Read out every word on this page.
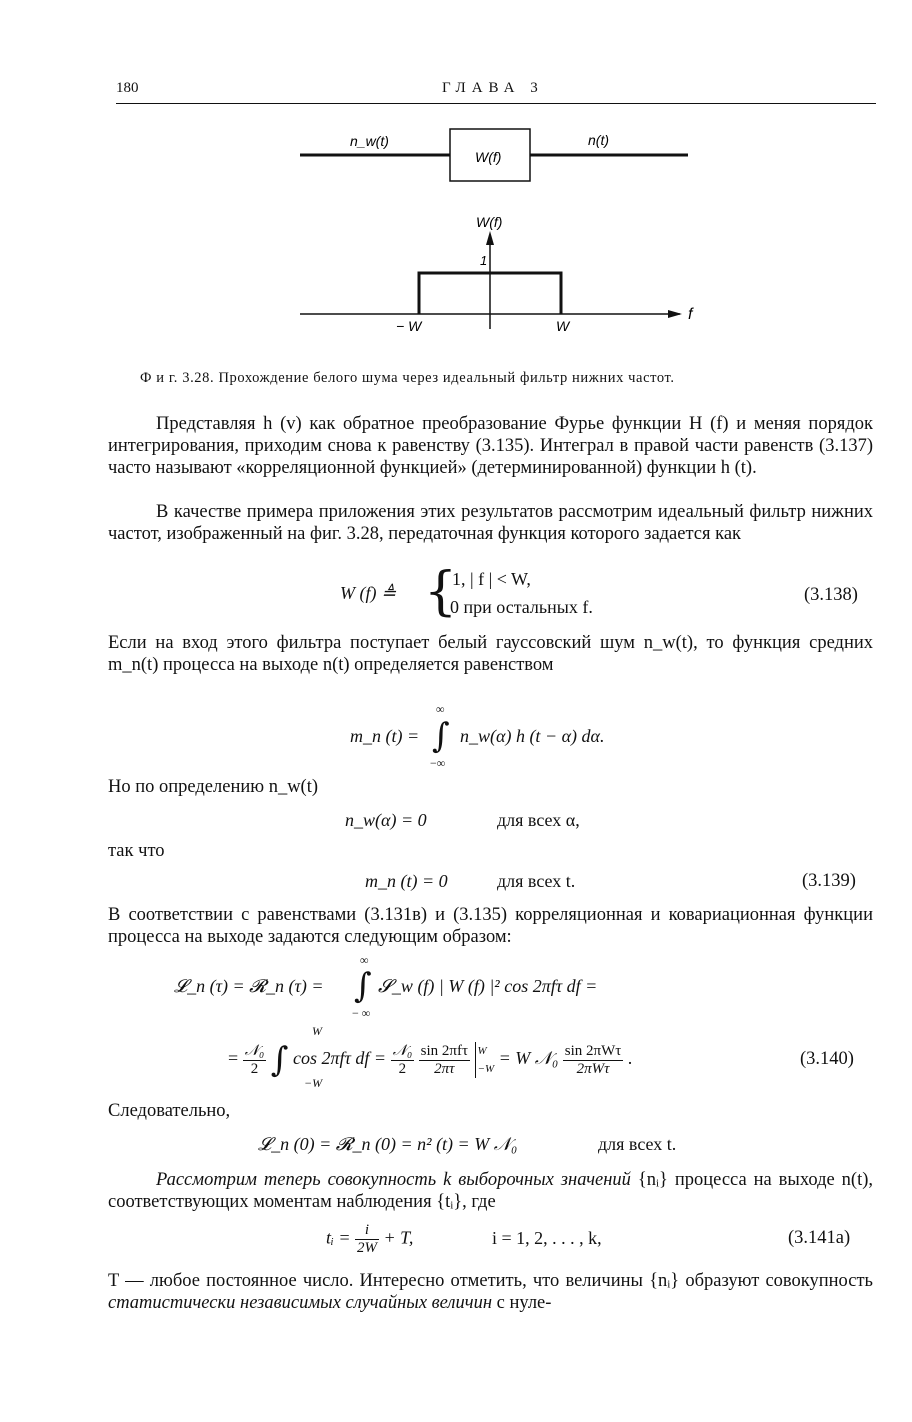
180	ГЛАВА 3
n_w(t)
W(f)
n(t)
W(f)
1
f
− W	W
Ф и г. 3.28. Прохождение белого шума через идеальный фильтр нижних частот.
Представляя h (v) как обратное преобразование Фурье функции H (f) и меняя порядок интегрирования, приходим снова к равенству (3.135). Интеграл в правой части равенств (3.137) часто называют «корреляционной функцией» (детерминированной) функции h (t).
В качестве примера приложения этих результатов рассмотрим идеальный фильтр нижних частот, изображенный на фиг. 3.28, передаточная функция которого задается как
W (f) ≜ {
1, | f | < W,
0 при остальных f.
(3.138)
Если на вход этого фильтра поступает белый гауссовский шум n_w(t), то функция средних m_n(t) процесса на выходе n(t) определяется равенством
∞
m_n (t) = ∫ n_w(α) h (t − α) dα.
−∞
Но по определению n_w(t)
n_w(α) = 0	для всех α,
так что
m_n (t) = 0	для всех t.	(3.139)
В соответствии с равенствами (3.131в) и (3.135) корреляционная и ковариационная функции процесса на выходе задаются следующим образом:
∞
𝓛_n (τ) = 𝓡_n (τ) = ∫ 𝓢_w (f) | W (f) |² cos 2πfτ df =
− ∞
W
= $\frac{\text{𝒩₀}}{2}$ ∫ cos 2πfτ df = $\frac{\text{𝒩₀}}{2}$
$\frac{\text{sin 2πfτ}}{2\pi\tau}$
W
−W
= W 𝒩₀ $\frac{\text{sin 2πWτ}}{\text{2πWτ}}$ .
−W
(3.140)
Следовательно,
𝓛_n (0) = 𝓡_n (0) = n² (t) = W 𝒩₀	для всех t.
Рассмотрим теперь совокупность k выборочных значений {nᵢ} процесса на выходе n(t), соответствующих моментам наблюдения {tᵢ}, где
tᵢ = $\frac{i}{2W} + T$,	i = 1, 2, . . . , k,	(3.141a)
T — любое постоянное число. Интересно отметить, что величины {nᵢ} образуют совокупность статистически независимых случайных величин с нуле-
